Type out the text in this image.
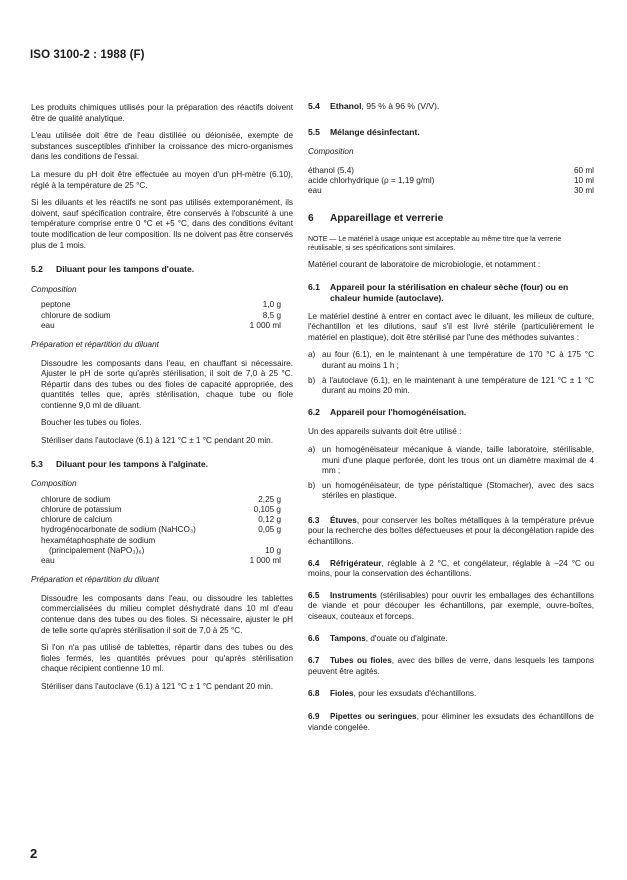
ISO 3100-2 : 1988 (F)

Les produits chimiques utilisés pour la préparation des réactifs doivent être de qualité analytique.

L'eau utilisée doit être de l'eau distillée ou déionisée, exempte de substances susceptibles d'inhiber la croissance des micro-organismes dans les conditions de l'essai.

La mesure du pH doit être effectuée au moyen d'un pH-mètre (6.10), réglé à la température de 25 °C.

Si les diluants et les réactifs ne sont pas utilisés extemporanément, ils doivent, sauf spécification contraire, être conservés à l'obscurité à une température comprise entre 0 °C et +5 °C, dans des conditions évitant toute modification de leur composition. Ils ne doivent pas être conservés plus de 1 mois.

5.2 Diluant pour les tampons d'ouate.
Composition
peptone	1,0 g
chlorure de sodium	8,5 g
eau	1 000 ml
Préparation et répartition du diluant

Dissoudre les composants dans l'eau, en chauffant si nécessaire. Ajuster le pH de sorte qu'après stérilisation, il soit de 7,0 à 25 °C. Répartir dans des tubes ou des fioles de capacité appropriée, des quantités telles que, après stérilisation, chaque tube ou fiole contienne 9,0 ml de diluant.

Boucher les tubes ou fioles.

Stériliser dans l'autoclave (6.1) à 121 °C ± 1 °C pendant 20 min.

5.3 Diluant pour les tampons à l'alginate.
Composition
chlorure de sodium	2,25 g
chlorure de potassium	0,105 g
chlorure de calcium	0,12 g
hydrogénocarbonate de sodium (NaHCO₃)	0,05 g
hexamétaphosphate de sodium	
(principalement (NaPO₃)₆)	10 g
eau	1 000 ml
Préparation et répartition du diluant

Dissoudre les composants dans l'eau, ou dissoudre les tablettes commercialisées du milieu complet déshydraté dans 10 ml d'eau contenue dans des tubes ou des fioles. Si nécessaire, ajuster le pH de telle sorte qu'après stérilisation il soit de 7,0 à 25 °C.

Si l'on n'a pas utilisé de tablettes, répartir dans des tubes ou des fioles fermés, les quantités prévues pour qu'après stérilisation chaque récipient contienne 10 ml.

Stériliser dans l'autoclave (6.1) à 121 °C ± 1 °C pendant 20 min.

5.4 Ethanol, 95 % à 96 % (V/V).
5.5 Mélange désinfectant.
Composition
éthanol (5.4)	60 ml
acide chlorhydrique (ρ = 1,19 g/ml)	10 ml
eau	30 ml
6 Appareillage et verrerie
NOTE — Le matériel à usage unique est acceptable au même titre que la verrerie réutilisable, si ses spécifications sont similaires.

Matériel courant de laboratoire de microbiologie, et notamment :

6.1	Appareil pour la stérilisation en chaleur sèche (four) ou en chaleur humide (autoclave).

Le matériel destiné à entrer en contact avec le diluant, les milieux de culture, l'échantillon et les dilutions, sauf s'il est livré stérile (particulièrement le matériel en plastique), doit être stérilisé par l'une des méthodes suivantes :

a) au four (6.1), en le maintenant à une température de 170 °C à 175 °C durant au moins 1 h ;
b) à l'autoclave (6.1), en le maintenant à une température de 121 °C ± 1 °C durant au moins 20 min.
6.2 Appareil pour l'homogénéisation.

Un des appareils suivants doit être utilisé :

a) un homogénéisateur mécanique à viande, taille laboratoire, stérilisable, muni d'une plaque perforée, dont les trous ont un diamètre maximal de 4 mm ;
b) un homogénéisateur, de type péristaltique (Stomacher), avec des sacs stériles en plastique.

6.3 Étuves, pour conserver les boîtes métalliques à la température prévue pour la recherche des boîtes défectueuses et pour la décongélation rapide des échantillons.

6.4 Réfrigérateur, réglable à 2 °C, et congélateur, réglable à −24 °C ou moins, pour la conservation des échantillons.

6.5 Instruments (stérilisables) pour ouvrir les emballages des échantillons de viande et pour découper les échantillons, par exemple, ouvre-boîtes, ciseaux, couteaux et forceps.

6.6 Tampons, d'ouate ou d'alginate.

6.7 Tubes ou fioles, avec des billes de verre, dans lesquels les tampons peuvent être agités.

6.8 Fioles, pour les exsudats d'échantillons.

6.9 Pipettes ou seringues, pour éliminer les exsudats des échantillons de viande congelée.

2
